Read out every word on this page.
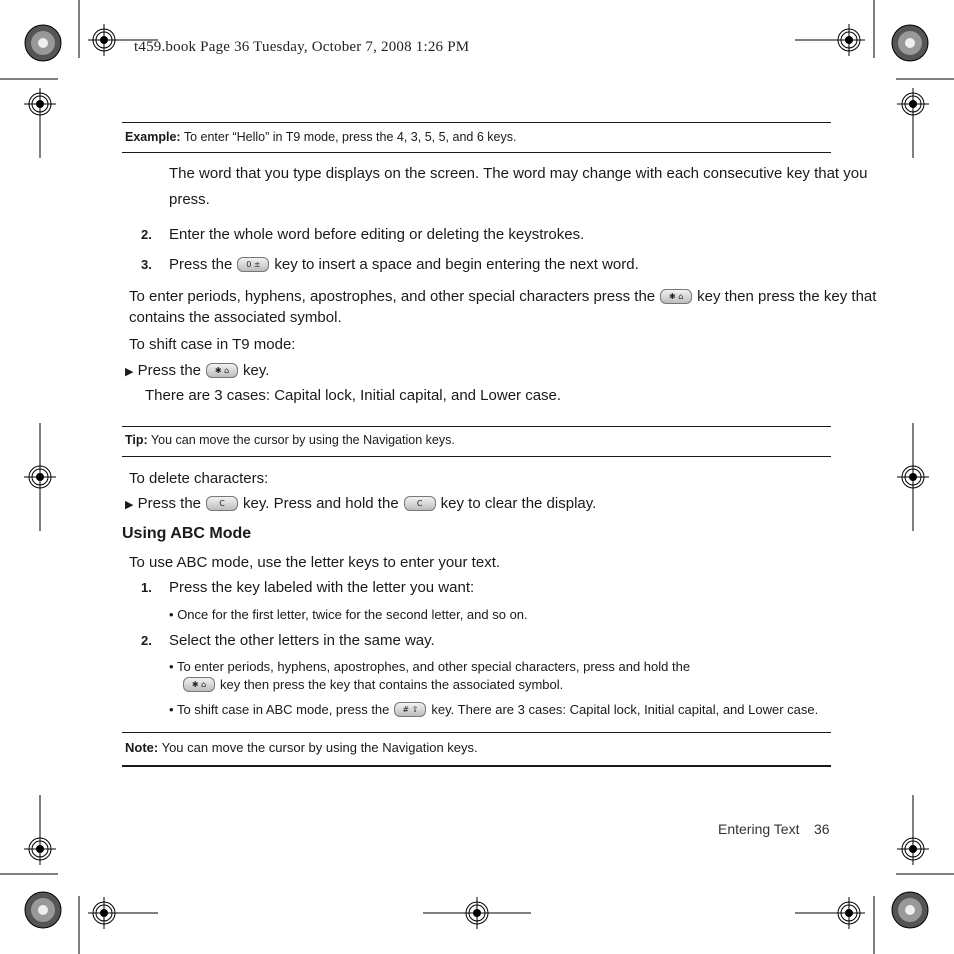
t459.book Page 36 Tuesday, October 7, 2008 1:26 PM
Example: To enter “Hello” in T9 mode, press the 4, 3, 5, 5, and 6 keys.
The word that you type displays on the screen. The word may change with each consecutive key that you
press.
2. Enter the whole word before editing or deleting the keystrokes.
3. Press the 0 ± key to insert a space and begin entering the next word.
To enter periods, hyphens, apostrophes, and other special characters press the ✱ ⌂ key then press the key that
contains the associated symbol.
To shift case in T9 mode:
▶ Press the ✱ ⌂ key.
There are 3 cases: Capital lock, Initial capital, and Lower case.
Tip: You can move the cursor by using the Navigation keys.
To delete characters:
▶ Press the C key. Press and hold the C key to clear the display.
Using ABC Mode
To use ABC mode, use the letter keys to enter your text.
1. Press the key labeled with the letter you want:
• Once for the first letter, twice for the second letter, and so on.
2. Select the other letters in the same way.
• To enter periods, hyphens, apostrophes, and other special characters, press and hold the
✱ ⌂ key then press the key that contains the associated symbol.
• To shift case in ABC mode, press the # ⇧ key. There are 3 cases: Capital lock, Initial capital, and Lower case.
Note: You can move the cursor by using the Navigation keys.
Entering Text 36
